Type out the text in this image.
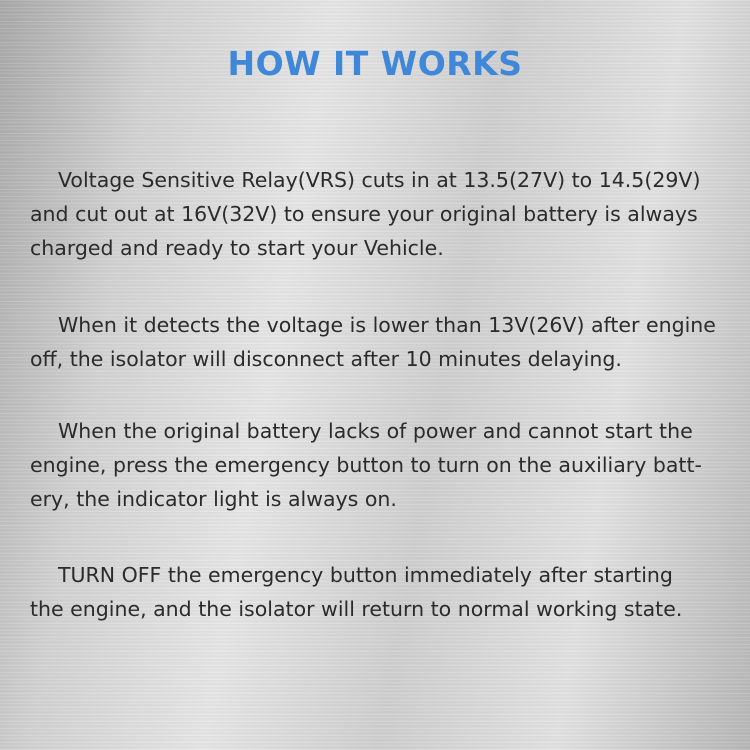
HOW IT WORKS

Voltage Sensitive Relay(VRS) cuts in at 13.5(27V) to 14.5(29V)
and cut out at 16V(32V) to ensure your original battery is always
charged and ready to start your Vehicle.

When it detects the voltage is lower than 13V(26V) after engine
off, the isolator will disconnect after 10 minutes delaying.

When the original battery lacks of power and cannot start the
engine, press the emergency button to turn on the auxiliary batt-
ery, the indicator light is always on.

TURN OFF the emergency button immediately after starting
the engine, and the isolator will return to normal working state.
